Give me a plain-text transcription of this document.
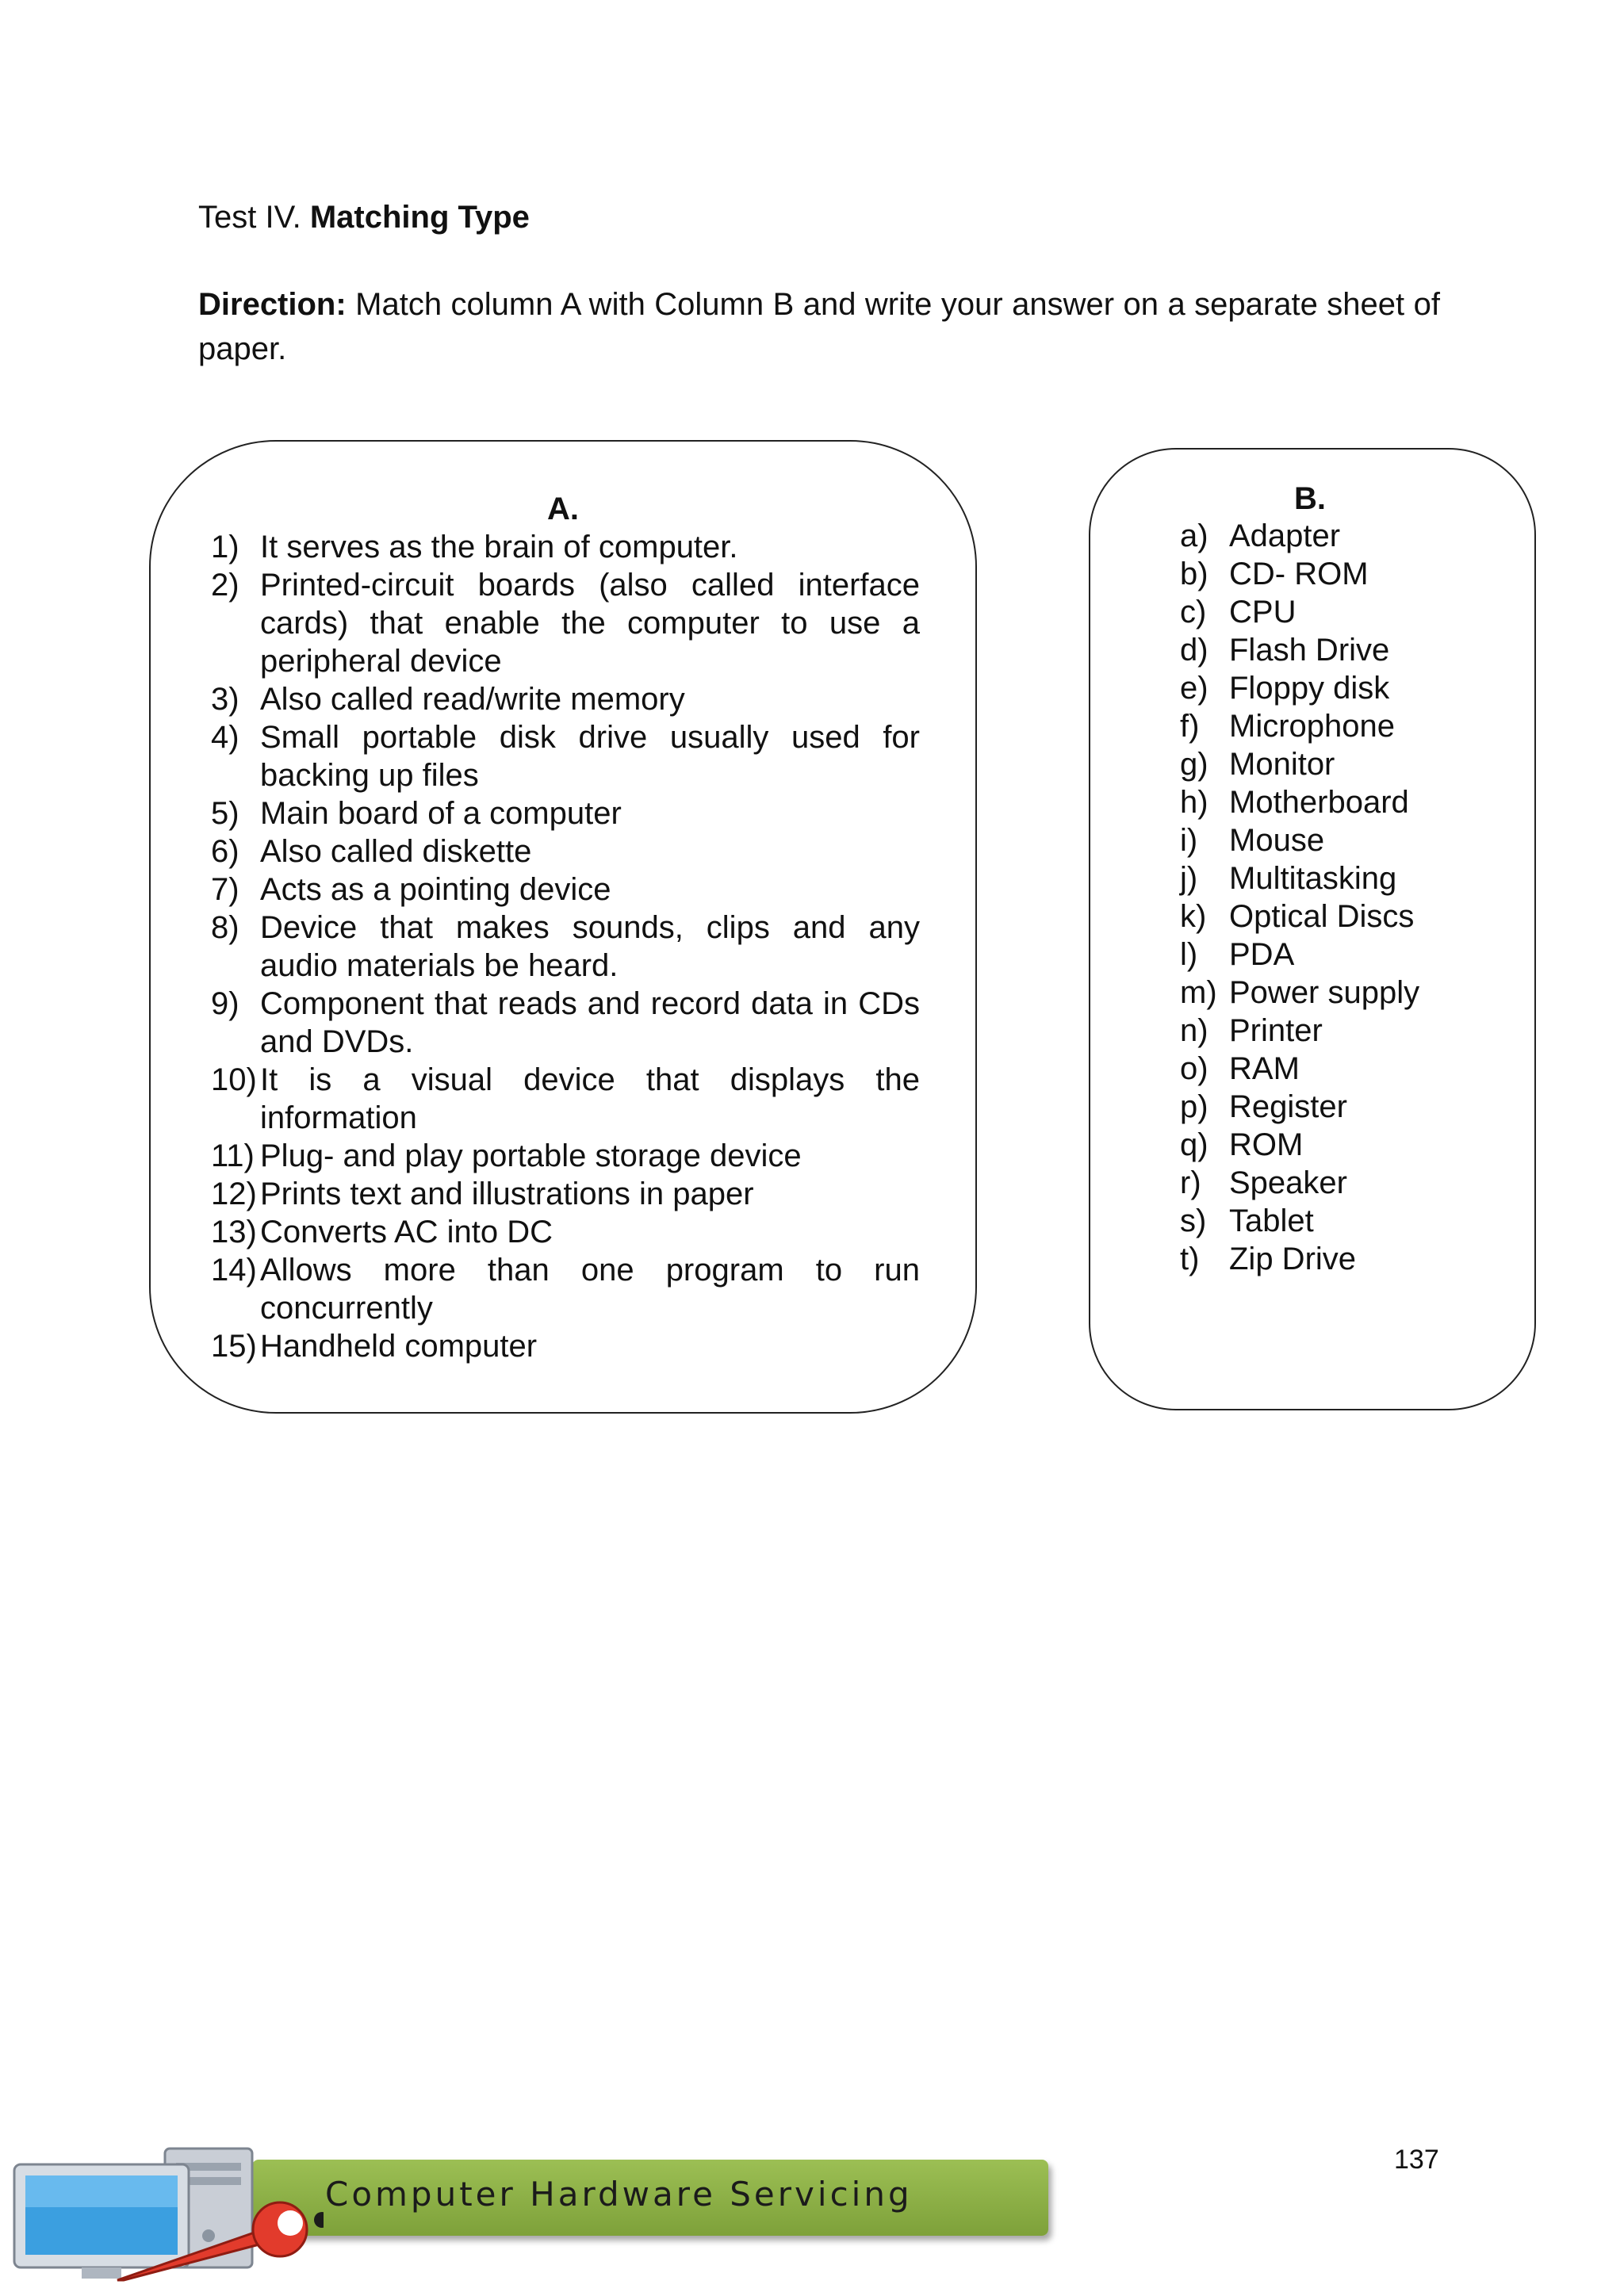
Test IV. Matching Type
Direction: Match column A with Column B and write your answer on a separate sheet of paper.
A.	B.
1) It serves as the brain of computer.
2) Printed-circuit boards (also called interface cards) that enable the computer to use a peripheral device
3) Also called read/write memory
4) Small portable disk drive usually used for backing up files
5) Main board of a computer
6) Also called diskette
7) Acts as a pointing device
8) Device that makes sounds, clips and any audio materials be heard.
9) Component that reads and record data in CDs and DVDs.
10) It is a visual device that displays the information
11) Plug- and play portable storage device
12) Prints text and illustrations in paper
13) Converts AC into DC
14) Allows more than one program to run concurrently
15) Handheld computer
a) Adapter
b) CD- ROM
c) CPU
d) Flash Drive
e) Floppy disk
f) Microphone
g) Monitor
h) Motherboard
i) Mouse
j) Multitasking
k) Optical Discs
l) PDA
m) Power supply
n) Printer
o) RAM
p) Register
q) ROM
r) Speaker
s) Tablet
t) Zip Drive
137
Computer Hardware Servicing
